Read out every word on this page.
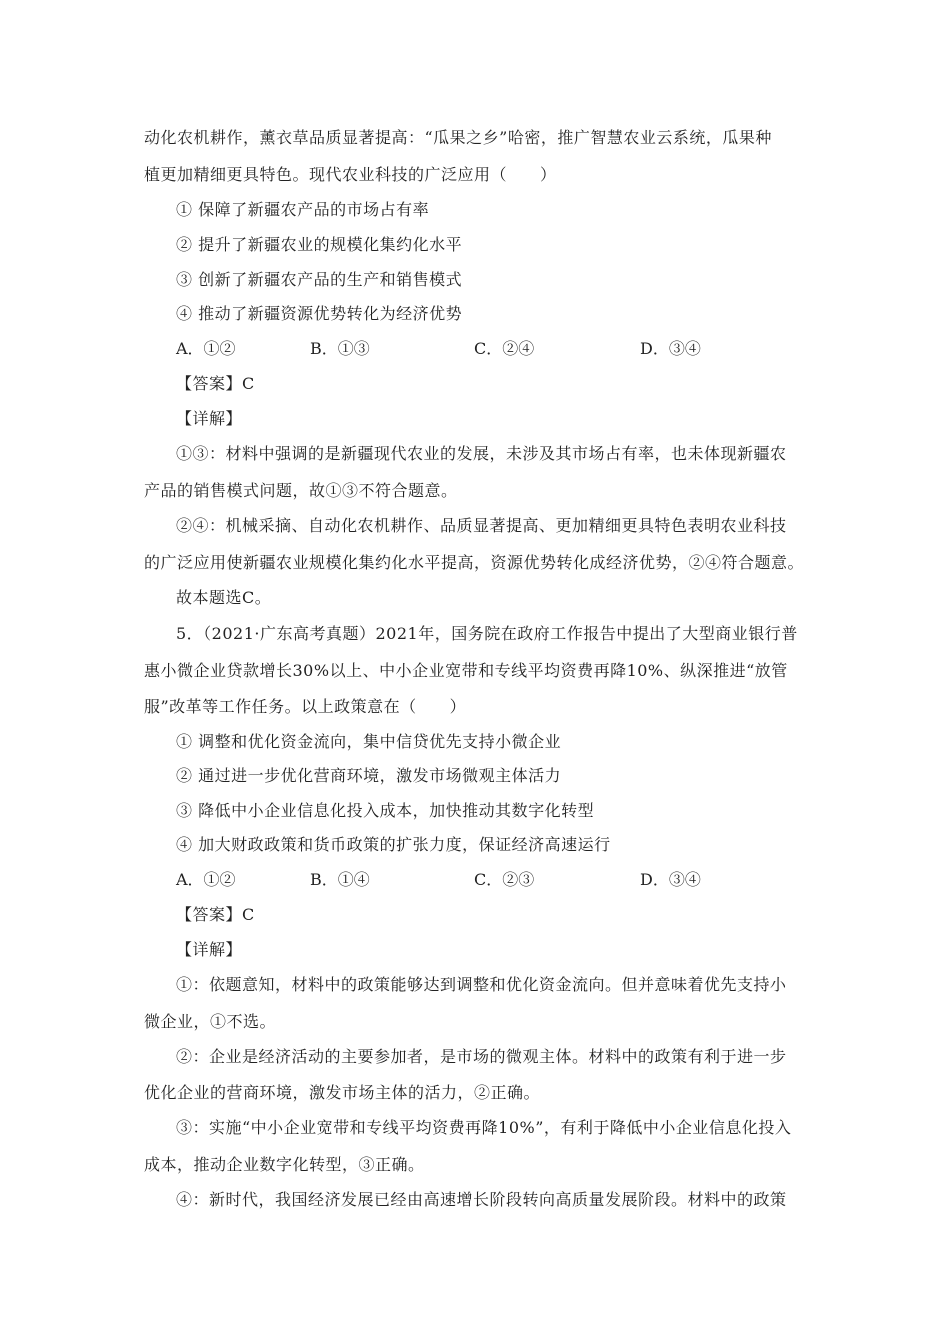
动化农机耕作，薰衣草品质显著提高：“瓜果之乡”哈密，推广智慧农业云系统，瓜果种
植更加精细更具特色。现代农业科技的广泛应用（　　）
① 保障了新疆农产品的市场占有率
② 提升了新疆农业的规模化集约化水平
③ 创新了新疆农产品的生产和销售模式
④ 推动了新疆资源优势转化为经济优势
A．①②	B．①③	C．②④	D．③④
【答案】C
【详解】
①③：材料中强调的是新疆现代农业的发展，未涉及其市场占有率，也未体现新疆农
产品的销售模式问题，故①③不符合题意。
②④：机械采摘、自动化农机耕作、品质显著提高、更加精细更具特色表明农业科技
的广泛应用使新疆农业规模化集约化水平提高，资源优势转化成经济优势，②④符合题意。
故本题选C。
5．（2021·广东高考真题）2021年，国务院在政府工作报告中提出了大型商业银行普
惠小微企业贷款增长30%以上、中小企业宽带和专线平均资费再降10%、纵深推进“放管
服”改革等工作任务。以上政策意在（　　）
① 调整和优化资金流向，集中信贷优先支持小微企业
② 通过进一步优化营商环境，激发市场微观主体活力
③ 降低中小企业信息化投入成本，加快推动其数字化转型
④ 加大财政政策和货币政策的扩张力度，保证经济高速运行
A．①②	B．①④	C．②③	D．③④
【答案】C
【详解】
①：依题意知，材料中的政策能够达到调整和优化资金流向。但并意味着优先支持小
微企业，①不选。
②：企业是经济活动的主要参加者，是市场的微观主体。材料中的政策有利于进一步
优化企业的营商环境，激发市场主体的活力，②正确。
③：实施“中小企业宽带和专线平均资费再降10%”，有利于降低中小企业信息化投入
成本，推动企业数字化转型，③正确。
④：新时代，我国经济发展已经由高速增长阶段转向高质量发展阶段。材料中的政策
